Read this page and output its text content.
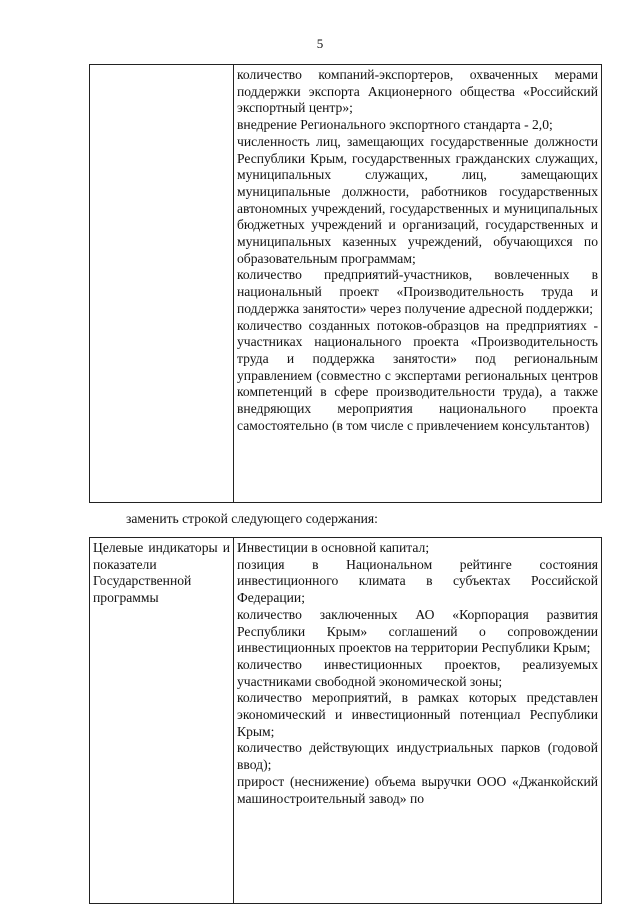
5

количество компаний-экспортеров, охваченных мерами поддержки экспорта Акционерного общества «Российский экспортный центр»;
внедрение Регионального экспортного стандарта - 2,0;
численность лиц, замещающих государственные должности Республики Крым, государственных гражданских служащих, муниципальных служащих, лиц, замещающих муниципальные должности, работников государственных автономных учреждений, государственных и муниципальных бюджетных учреждений и организаций, государственных и муниципальных казенных учреждений, обучающихся по образовательным программам;
количество предприятий-участников, вовлеченных в национальный проект «Производительность труда и поддержка занятости» через получение адресной поддержки;
количество созданных потоков-образцов на предприятиях - участниках национального проекта «Производительность труда и поддержка занятости» под региональным управлением (совместно с экспертами региональных центров компетенций в сфере производительности труда), а также внедряющих мероприятия национального проекта самостоятельно (в том числе с привлечением консультантов)
заменить строкой следующего содержания:
Целевые индикаторы и показатели Государственной программы

Инвестиции в основной капитал;
позиция в Национальном рейтинге состояния инвестиционного климата в субъектах Российской Федерации;
количество заключенных АО «Корпорация развития Республики Крым» соглашений о сопровождении инвестиционных проектов на территории Республики Крым;
количество инвестиционных проектов, реализуемых участниками свободной экономической зоны;
количество мероприятий, в рамках которых представлен экономический и инвестиционный потенциал Республики Крым;
количество действующих индустриальных парков (годовой ввод);
прирост (неснижение) объема выручки ООО «Джанкойский машиностроительный завод» по
